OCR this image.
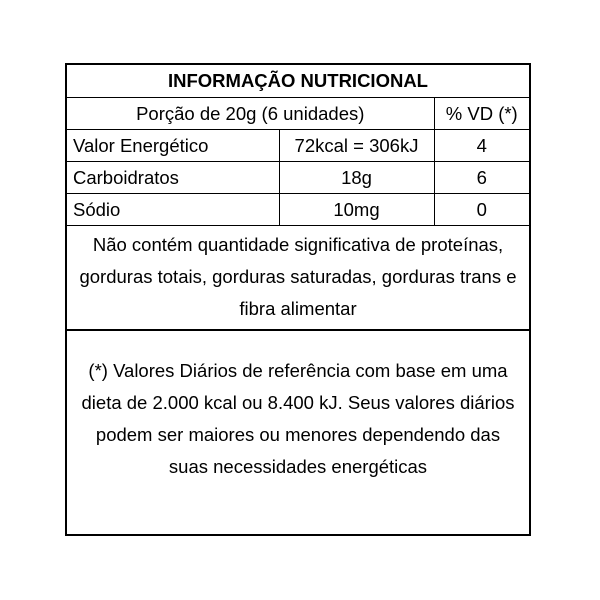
INFORMAÇÃO NUTRICIONAL		
Porção de 20g (6 unidades)		% VD (*)
Valor Energético	72kcal = 306kJ	4
Carboidratos	18g	6
Sódio	10mg	0
Não contém quantidade significativa de proteínas, gorduras totais, gorduras saturadas, gorduras trans e fibra alimentar
(*) Valores Diários de referência com base em uma dieta de 2.000 kcal ou 8.400 kJ. Seus valores diários podem ser maiores ou menores dependendo das suas necessidades energéticas
